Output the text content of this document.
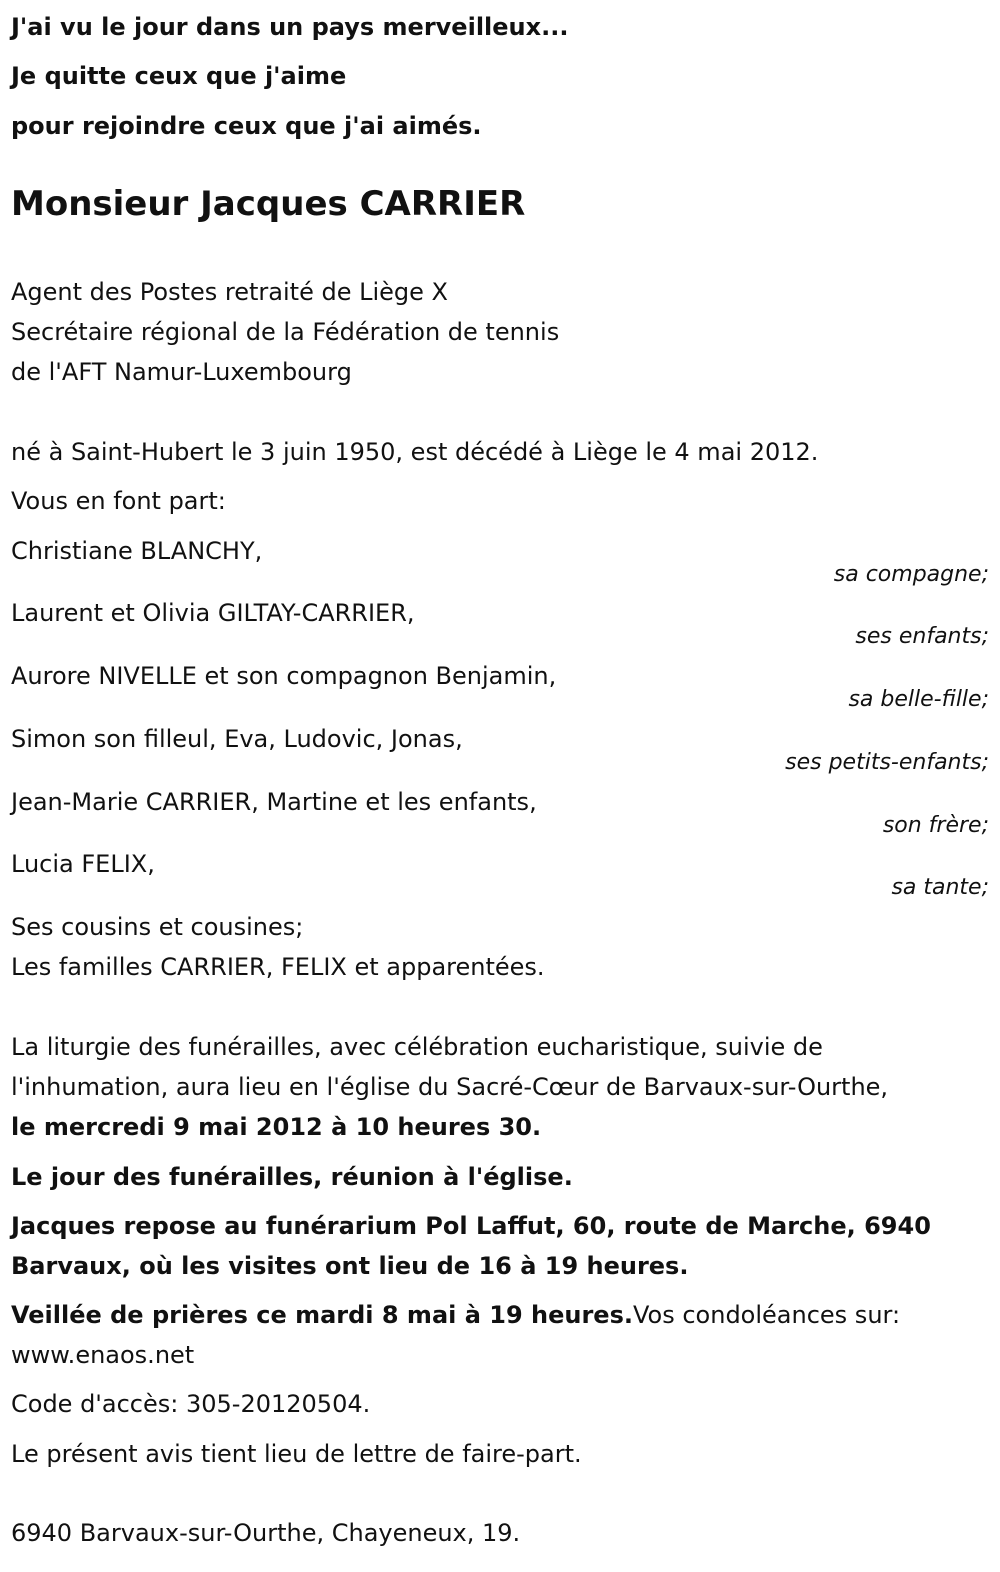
J'ai vu le jour dans un pays merveilleux...
Je quitte ceux que j'aime
pour rejoindre ceux que j'ai aimés.
Monsieur Jacques CARRIER
Agent des Postes retraité de Liège X
Secrétaire régional de la Fédération de tennis
de l'AFT Namur-Luxembourg
né à Saint-Hubert le 3 juin 1950, est décédé à Liège le 4 mai 2012.
Vous en font part:
Christiane BLANCHY,
sa compagne;
Laurent et Olivia GILTAY-CARRIER,
ses enfants;
Aurore NIVELLE et son compagnon Benjamin,
sa belle-fille;
Simon son filleul, Eva, Ludovic, Jonas,
ses petits-enfants;
Jean-Marie CARRIER, Martine et les enfants,
son frère;
Lucia FELIX,
sa tante;
Ses cousins et cousines;
Les familles CARRIER, FELIX et apparentées.
La liturgie des funérailles, avec célébration eucharistique, suivie de
l'inhumation, aura lieu en l'église du Sacré-Cœur de Barvaux-sur-Ourthe,
le mercredi 9 mai 2012 à 10 heures 30.
Le jour des funérailles, réunion à l'église.
Jacques repose au funérarium Pol Laffut, 60, route de Marche, 6940
Barvaux, où les visites ont lieu de 16 à 19 heures.
Veillée de prières ce mardi 8 mai à 19 heures.Vos condoléances sur:
www.enaos.net
Code d'accès: 305-20120504.
Le présent avis tient lieu de lettre de faire-part.
6940 Barvaux-sur-Ourthe, Chayeneux, 19.
